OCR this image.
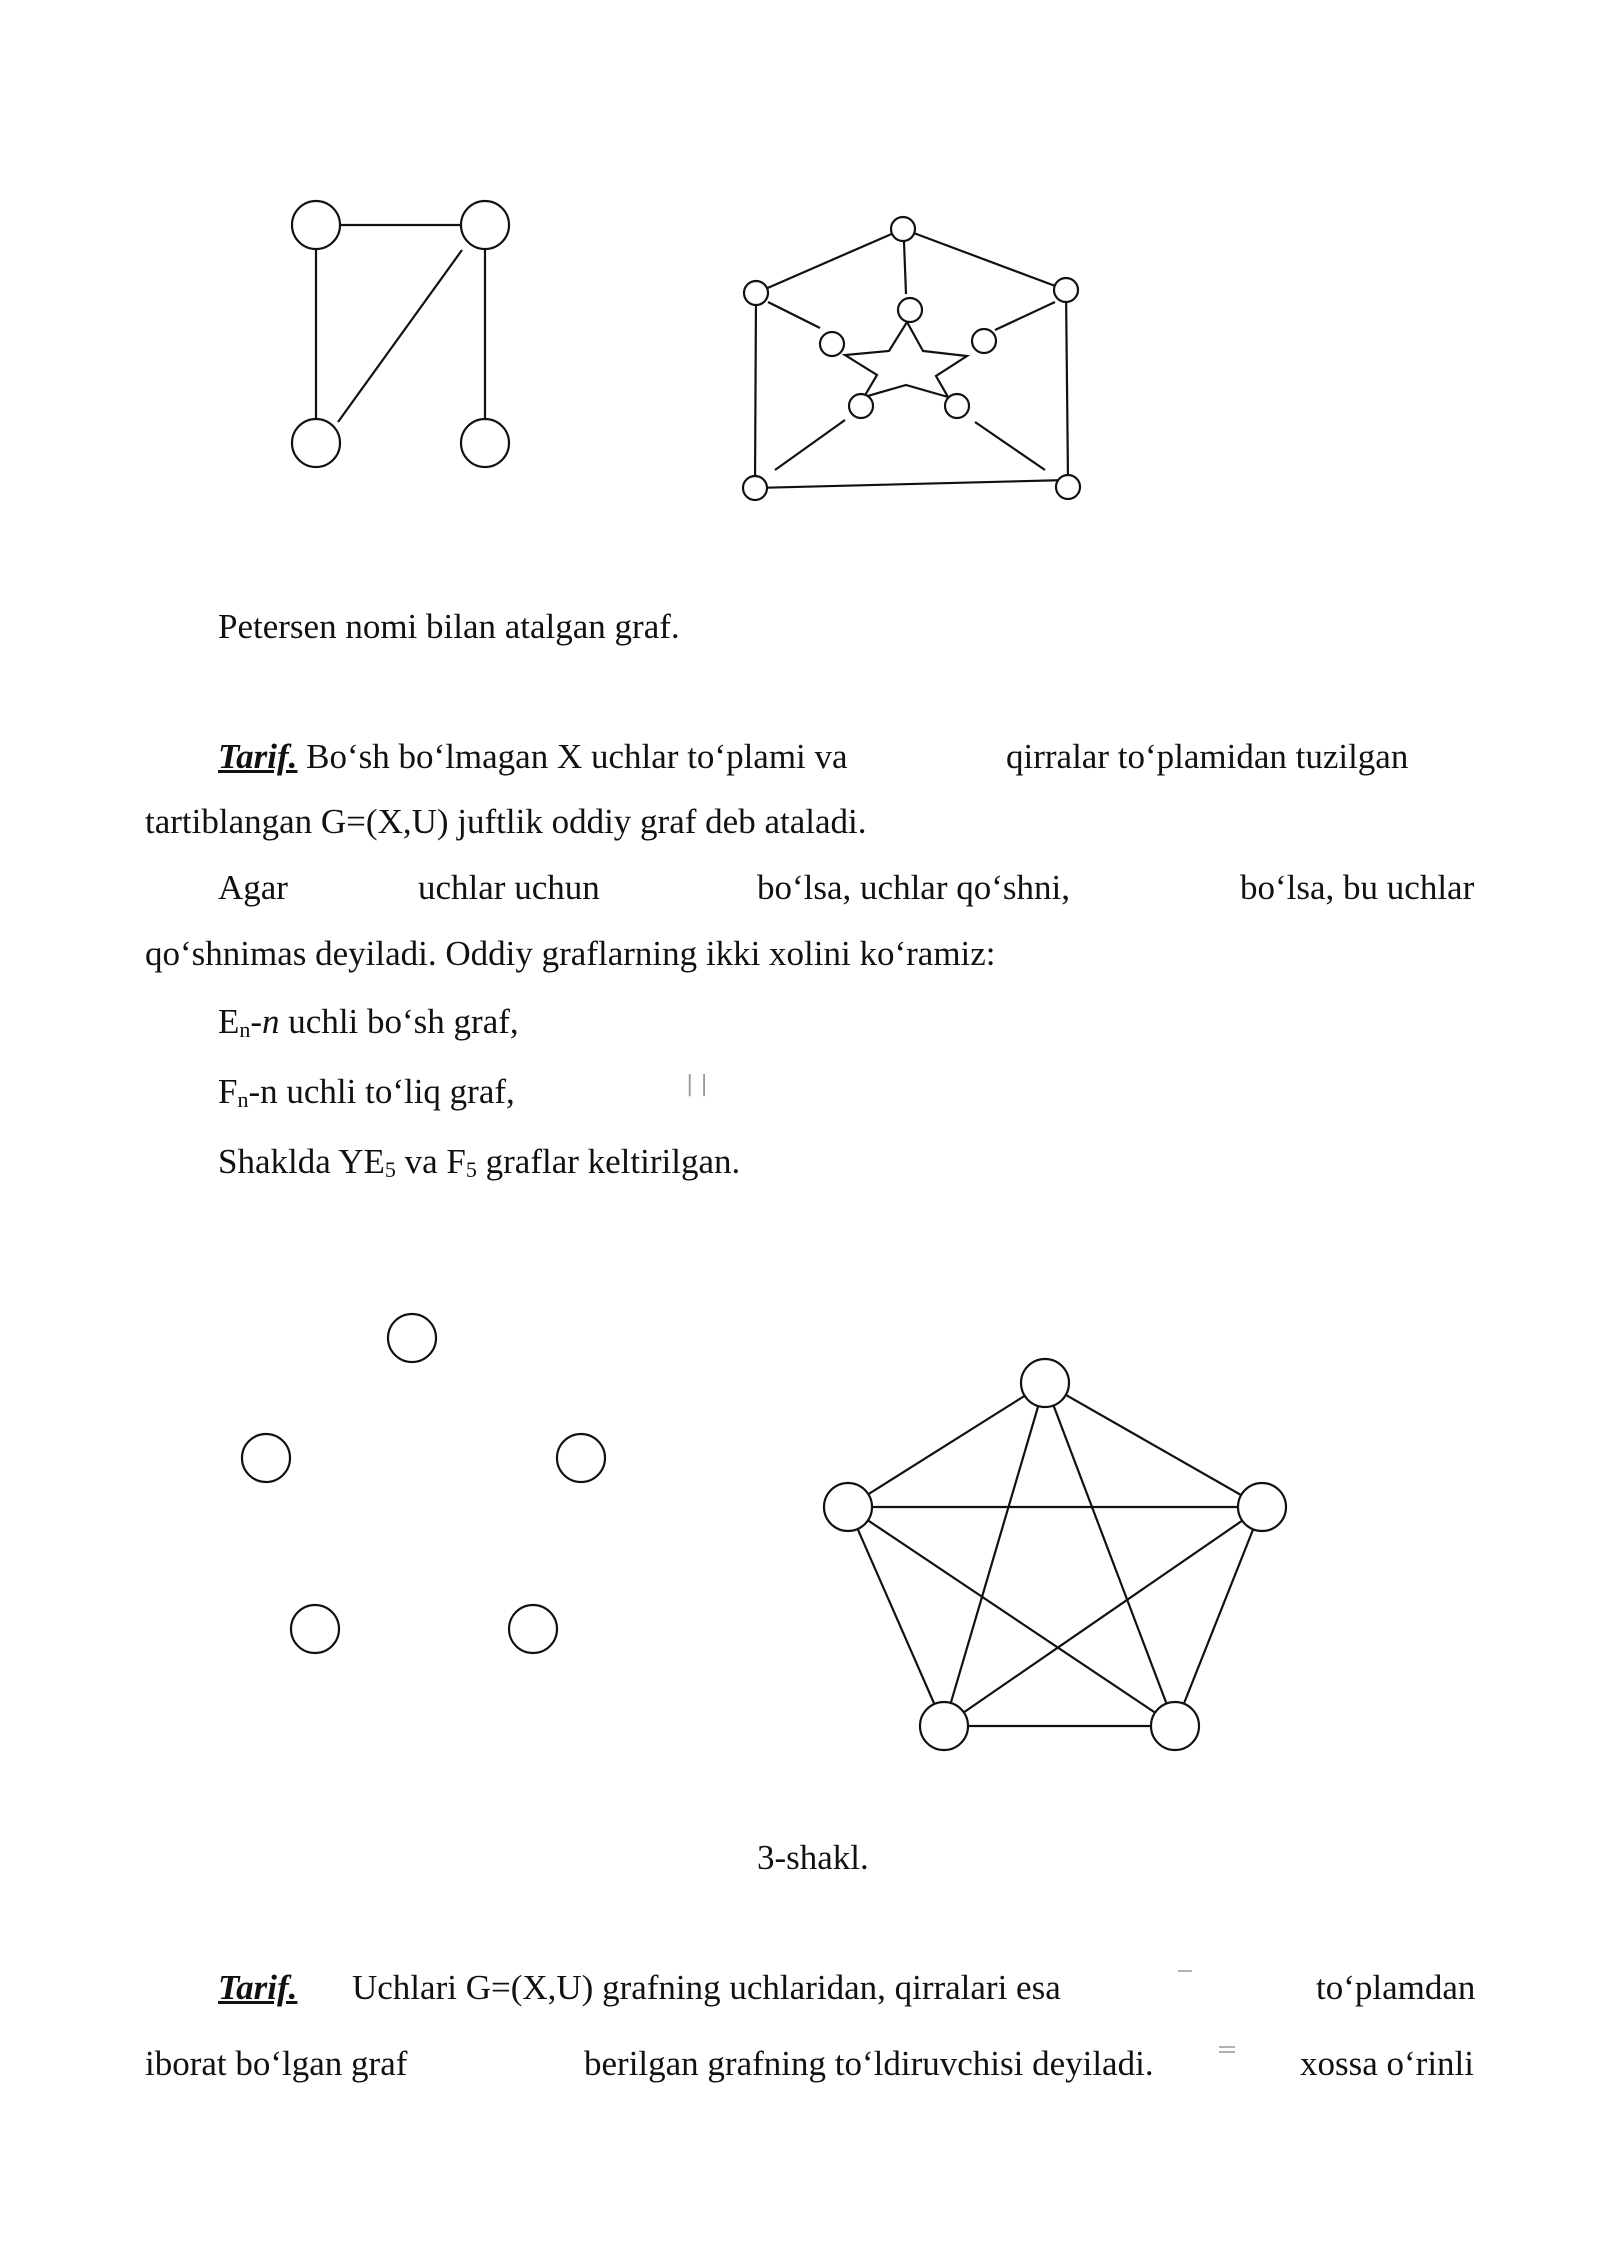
Petersen nomi bilan atalgan graf.
Tarif. Bo‘sh bo‘lmagan X uchlar to‘plami va	qirralar to‘plamidan tuzilgan
tartiblangan G=(X,U) juftlik oddiy graf deb ataladi.
Agar	uchlar uchun	bo‘lsa, uchlar qo‘shni,	bo‘lsa, bu uchlar
qo‘shnimas deyiladi. Oddiy graflarning ikki xolini ko‘ramiz:
$E_n-n$ uchli bo‘sh graf,
$F_n-n$ uchli to‘liq graf,	| |
Shaklda $YE_5$ va $F_5$ graflar keltirilgan.
3-shakl.
Tarif. Uchlari G=(X,U) grafning uchlaridan, qirralari esa	to‘plamdan
iborat bo‘lgan graf	berilgan grafning to‘ldiruvchisi deyiladi.	xossa o‘rinli
